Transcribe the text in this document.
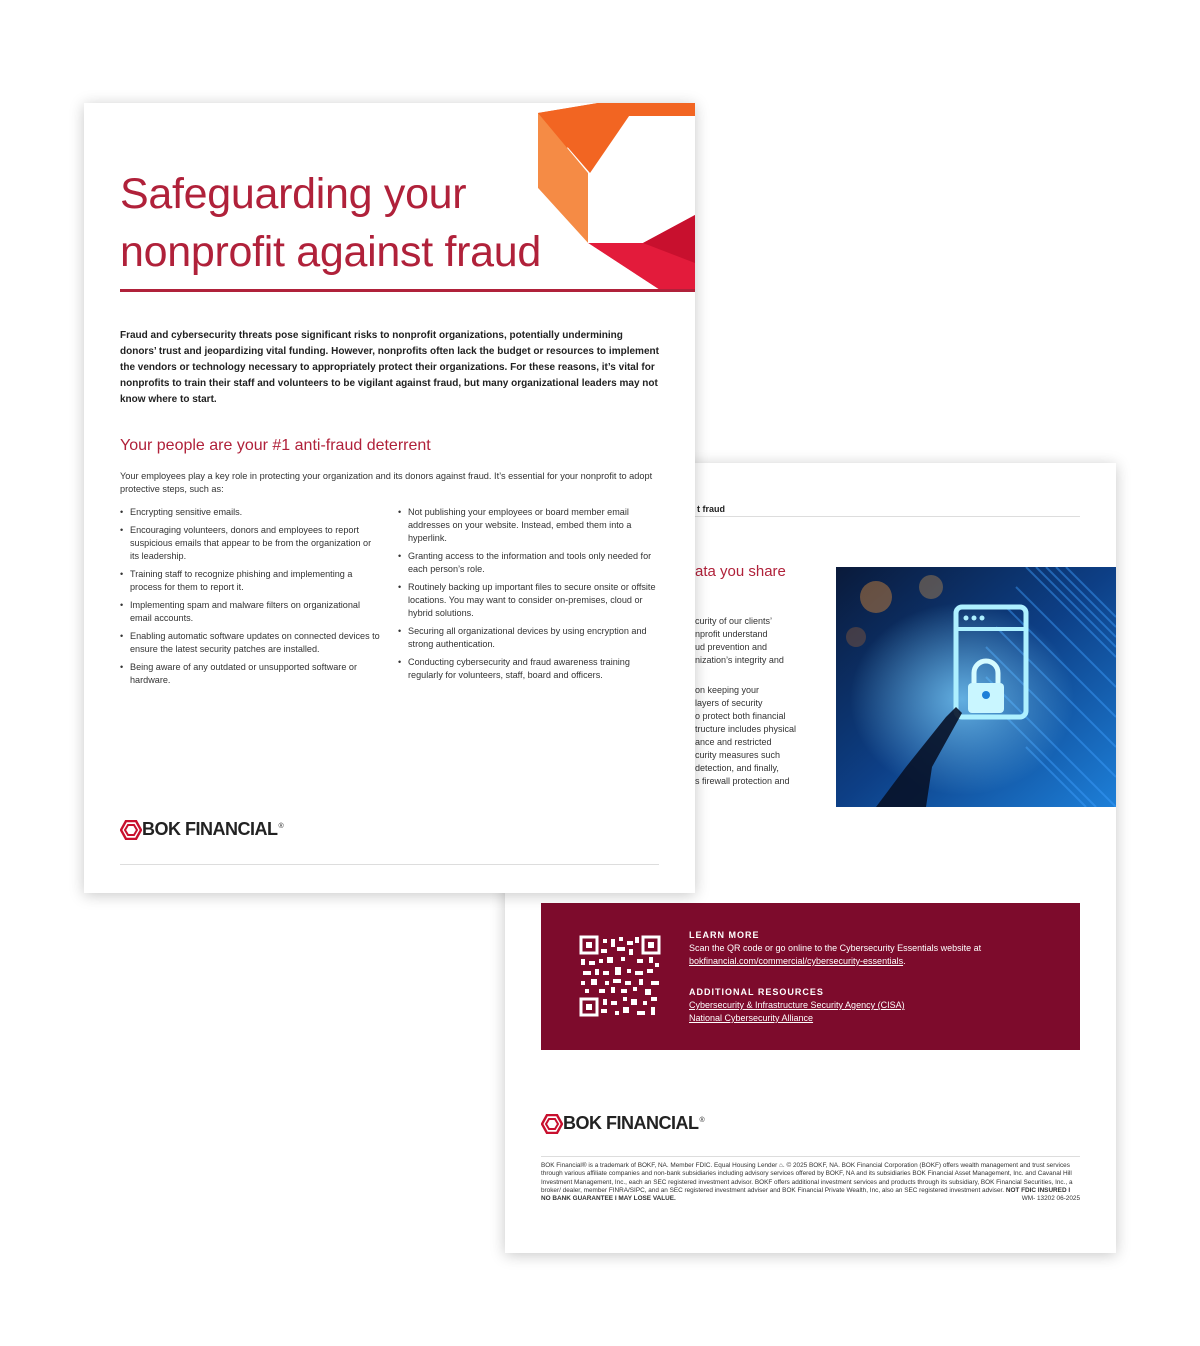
t fraud
ata you share
curity of our clients’
nprofit understand
ud prevention and
nization’s integrity and
on keeping your
layers of security
o protect both financial
tructure includes physical
ance and restricted
curity measures such
detection, and finally,
s firewall protection and
LEARN MORE
Scan the QR code or go online to the Cybersecurity Essentials website at
bokfinancial.com/commercial/cybersecurity-essentials.
ADDITIONAL RESOURCES
Cybersecurity & Infrastructure Security Agency (CISA)
National Cybersecurity Alliance
BOK FINANCIAL®
BOK Financial® is a trademark of BOKF, NA. Member FDIC. Equal Housing Lender ⌂. © 2025 BOKF, NA. BOK Financial Corporation (BOKF) offers wealth management and trust services through various affiliate companies and non-bank subsidiaries including advisory services offered by BOKF, NA and its subsidiaries BOK Financial Asset Management, Inc. and Cavanal Hill Investment Management, Inc., each an SEC registered investment advisor. BOKF offers additional investment services and products through its subsidiary, BOK Financial Securities, Inc., a broker/ dealer, member FINRA/SIPC, and an SEC registered investment adviser and BOK Financial Private Wealth, Inc, also an SEC registered investment adviser. NOT FDIC INSURED I NO BANK GUARANTEE I MAY LOSE VALUE.	WM- 13202 06-2025
Safeguarding your
nonprofit against fraud
Fraud and cybersecurity threats pose significant risks to nonprofit organizations, potentially undermining donors’ trust and jeopardizing vital funding. However, nonprofits often lack the budget or resources to implement the vendors or technology necessary to appropriately protect their organizations. For these reasons, it’s vital for nonprofits to train their staff and volunteers to be vigilant against fraud, but many organizational leaders may not know where to start.
Your people are your #1 anti-fraud deterrent
Your employees play a key role in protecting your organization and its donors against fraud. It’s essential for your nonprofit to adopt protective steps, such as:
• Encrypting sensitive emails.
• Encouraging volunteers, donors and employees to report suspicious emails that appear to be from the organization or its leadership.
• Training staff to recognize phishing and implementing a process for them to report it.
• Implementing spam and malware filters on organizational email accounts.
• Enabling automatic software updates on connected devices to ensure the latest security patches are installed.
• Being aware of any outdated or unsupported software or hardware.
• Not publishing your employees or board member email addresses on your website. Instead, embed them into a hyperlink.
• Granting access to the information and tools only needed for each person’s role.
• Routinely backing up important files to secure onsite or offsite locations. You may want to consider on-premises, cloud or hybrid solutions.
• Securing all organizational devices by using encryption and strong authentication.
• Conducting cybersecurity and fraud awareness training regularly for volunteers, staff, board and officers.
BOK FINANCIAL®
